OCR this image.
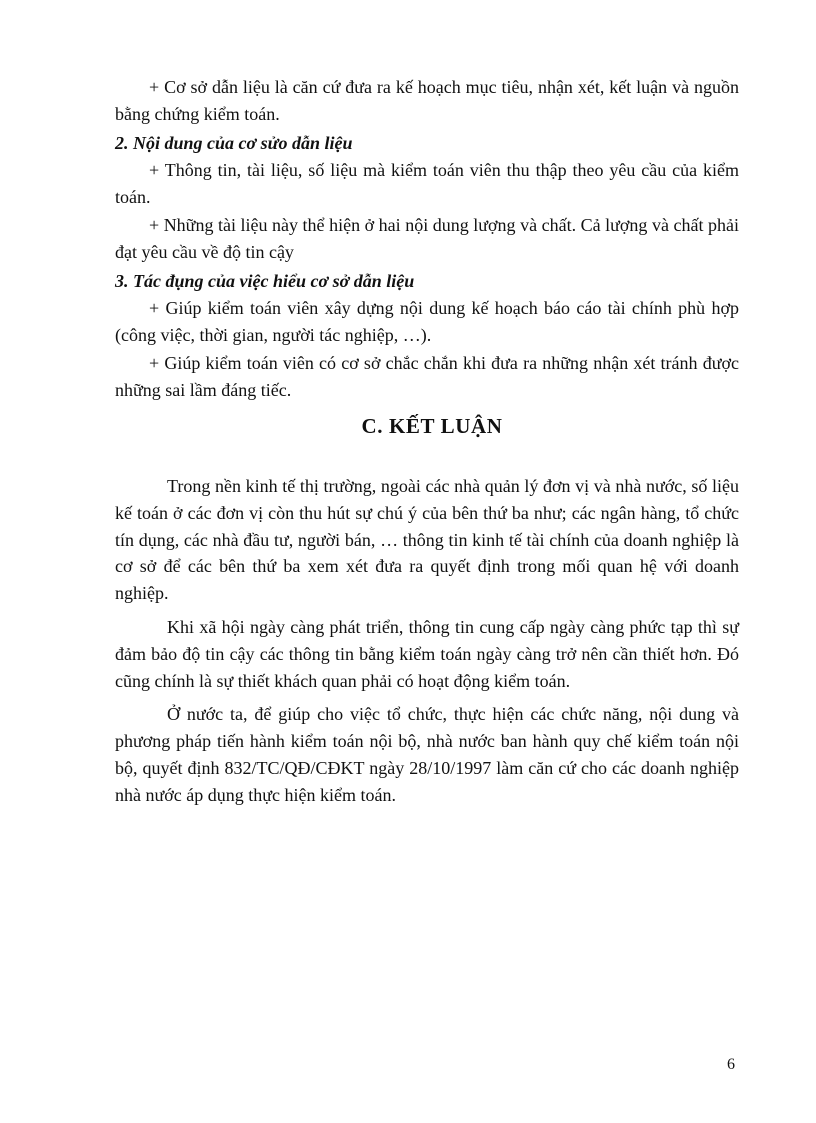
+ Cơ sở dẫn liệu là căn cứ đưa ra kế hoạch mục tiêu, nhận xét, kết luận và nguồn bằng chứng kiểm toán.

2. Nội dung của cơ sửo dẫn liệu

+ Thông tin, tài liệu, số liệu mà kiểm toán viên thu thập theo yêu cầu của kiểm toán.

+ Những tài liệu này thể hiện ở hai nội dung lượng và chất. Cả lượng và chất phải đạt yêu cầu về độ tin cậy

3. Tác đụng của việc hiểu cơ sở dẫn liệu

+ Giúp kiểm toán viên xây dựng nội dung kế hoạch báo cáo tài chính phù hợp (công việc, thời gian, người tác nghiệp, …).

+ Giúp kiểm toán viên có cơ sở chắc chắn khi đưa ra những nhận xét tránh được những sai lầm đáng tiếc.

C. KẾT LUẬN

Trong nền kinh tế thị trường, ngoài các nhà quản lý đơn vị và nhà nước, số liệu kế toán ở các đơn vị còn thu hút sự chú ý của bên thứ ba như; các ngân hàng, tổ chức tín dụng, các nhà đầu tư, người bán, … thông tin kinh tế tài chính của doanh nghiệp là cơ sở để các bên thứ ba xem xét đưa ra quyết định trong mối quan hệ với doanh nghiệp.

Khi xã hội ngày càng phát triển, thông tin cung cấp ngày càng phức tạp thì sự đảm bảo độ tin cậy các thông tin bằng kiểm toán ngày càng trở nên cần thiết hơn. Đó cũng chính là sự thiết khách quan phải có hoạt động kiểm toán.

Ở nước ta, để giúp cho việc tổ chức, thực hiện các chức năng, nội dung và phương pháp tiến hành kiểm toán nội bộ, nhà nước ban hành quy chế kiểm toán nội bộ, quyết định 832/TC/QĐ/CĐKT ngày 28/10/1997 làm căn cứ cho các doanh nghiệp nhà nước áp dụng thực hiện kiểm toán.

6
